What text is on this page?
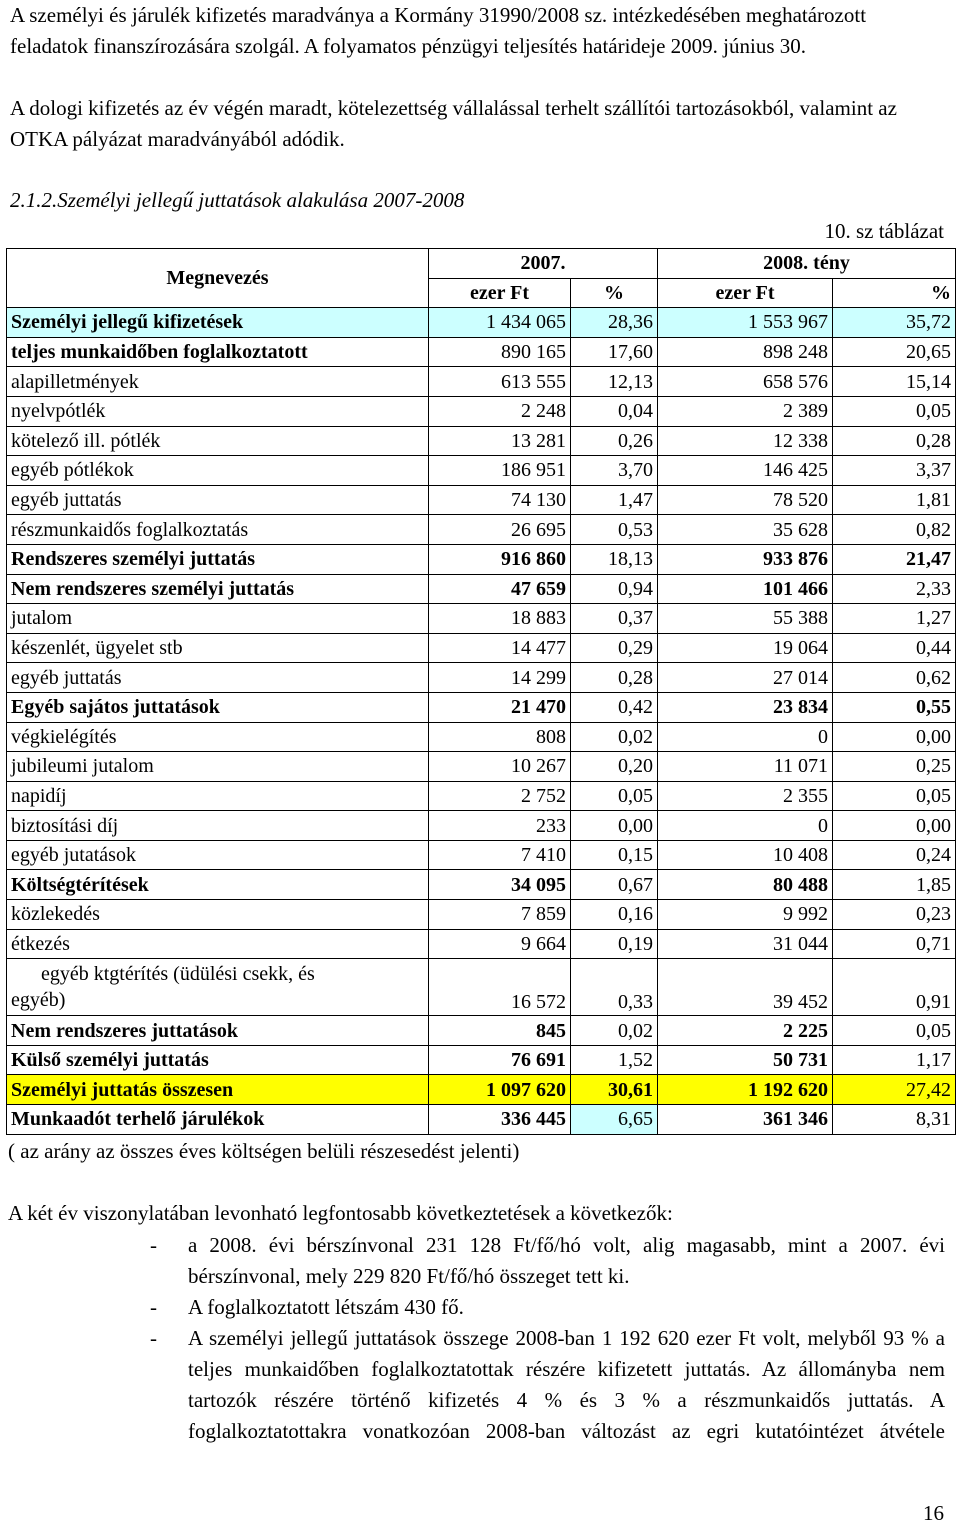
A személyi és járulék kifizetés maradványa a Kormány 31990/2008 sz. intézkedésében meghatározott feladatok finanszírozására szolgál. A folyamatos pénzügyi teljesítés határideje 2009. június 30.

A dologi kifizetés az év végén maradt, kötelezettség vállalással terhelt szállítói tartozásokból, valamint az OTKA pályázat maradványából adódik.

2.1.2.Személyi jellegű juttatások alakulása 2007-2008
10. sz táblázat
Megnevezés	2007.		2008. tény	
	ezer Ft	%	ezer Ft	%
Személyi jellegű kifizetések	1 434 065	28,36	1 553 967	35,72
teljes munkaidőben foglalkoztatott	890 165	17,60	898 248	20,65
alapilletmények	613 555	12,13	658 576	15,14
nyelvpótlék	2 248	0,04	2 389	0,05
kötelező ill. pótlék	13 281	0,26	12 338	0,28
egyéb pótlékok	186 951	3,70	146 425	3,37
egyéb juttatás	74 130	1,47	78 520	1,81
részmunkaidős foglalkoztatás	26 695	0,53	35 628	0,82
Rendszeres személyi juttatás	916 860	18,13	933 876	21,47
Nem rendszeres személyi juttatás	47 659	0,94	101 466	2,33
jutalom	18 883	0,37	55 388	1,27
készenlét, ügyelet stb	14 477	0,29	19 064	0,44
egyéb juttatás	14 299	0,28	27 014	0,62
Egyéb sajátos juttatások	21 470	0,42	23 834	0,55
végkielégítés	808	0,02	0	0,00
jubileumi jutalom	10 267	0,20	11 071	0,25
napidíj	2 752	0,05	2 355	0,05
biztosítási díj	233	0,00	0	0,00
egyéb jutatások	7 410	0,15	10 408	0,24
Költségtérítések	34 095	0,67	80 488	1,85
közlekedés	7 859	0,16	9 992	0,23
étkezés	9 664	0,19	31 044	0,71

egyéb ktgtérítés (üdülési csekk, és
egyéb)	16 572	0,33	39 452	0,91
Nem rendszeres juttatások	845	0,02	2 225	0,05
Külső személyi juttatás	76 691	1,52	50 731	1,17
Személyi juttatás összesen	1 097 620	30,61	1 192 620	27,42
Munkaadót terhelő járulékok	336 445	6,65	361 346	8,31
( az arány az összes éves költségen belüli részesedést jelenti)
A két év viszonylatában levonható legfontosabb következtetések a következők:
- a 2008. évi bérszínvonal 231 128 Ft/fő/hó volt, alig magasabb, mint a 2007. évi bérszínvonal, mely 229 820 Ft/fő/hó összeget tett ki.
- A foglalkoztatott létszám 430 fő.
- A személyi jellegű juttatások összege 2008-ban 1 192 620 ezer Ft volt, melyből 93 % a teljes munkaidőben foglalkoztatottak részére kifizetett juttatás. Az állományba nem tartozók részére történő kifizetés 4 % és 3 % a részmunkaidős juttatás. A foglalkoztatottakra vonatkozóan 2008-ban változást az egri kutatóintézet átvétele
16
